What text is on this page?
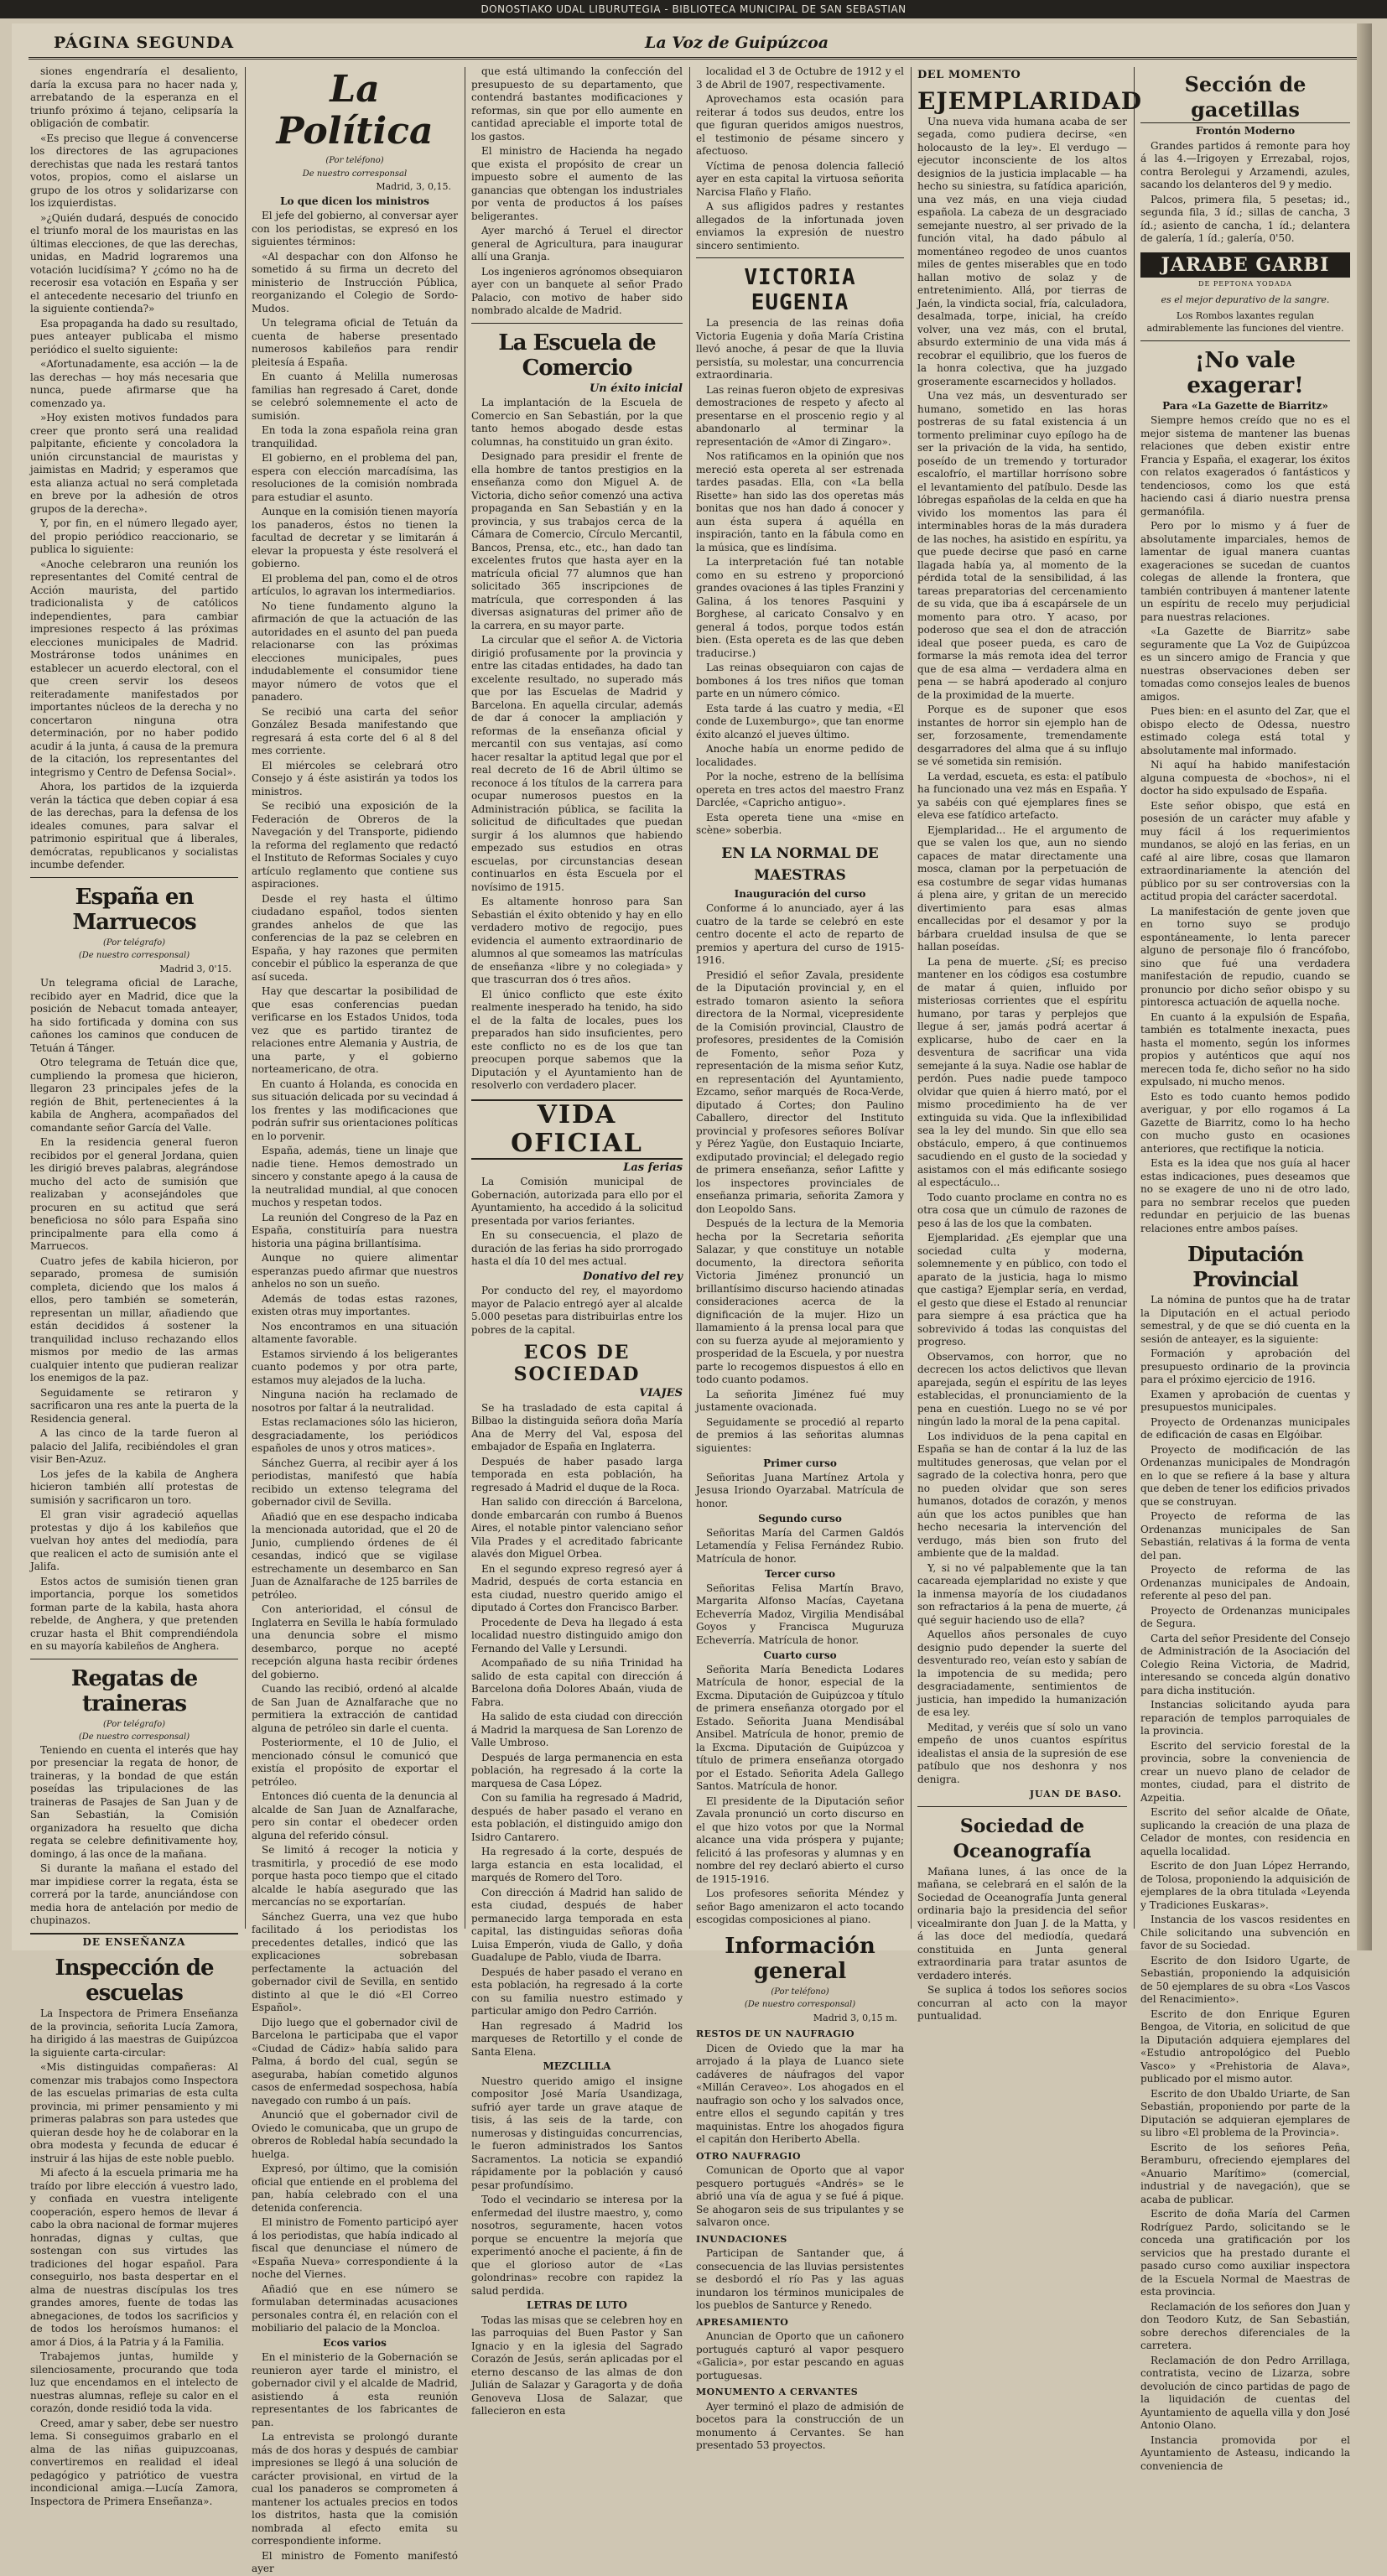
DONOSTIAKO UDAL LIBURUTEGIA - BIBLIOTECA MUNICIPAL DE SAN SEBASTIAN
PÁGINA SEGUNDA	La Voz de Guipúzcoa

siones engendraría el desaliento, daría la excusa para no hacer nada y, arrebatando de la esperanza en el triunfo próximo á tejano, celipsaría la obligación de combatir.

«Es preciso que llegue á convencerse los directores de las agrupaciones derechistas que nada les restará tantos votos, propios, como el aislarse un grupo de los otros y solidarizarse con los izquierdistas.

»¿Quién dudará, después de conocido el triunfo moral de los mauristas en las últimas elecciones, de que las derechas, unidas, en Madrid lograremos una votación lucidísima? Y ¿cómo no ha de recerosir esa votación en España y ser el antecedente necesario del triunfo en la siguiente contienda?»

Esa propaganda ha dado su resultado, pues anteayer publicaba el mismo periódico el suelto siguiente:

«Afortunadamente, esa acción — la de las derechas — hoy más necesaria que nunca, puede afirmarse que ha comenzado ya.

»Hoy existen motivos fundados para creer que pronto será una realidad palpitante, eficiente y concoladora la unión circunstancial de mauristas y jaimistas en Madrid; y esperamos que esta alianza actual no será completada en breve por la adhesión de otros grupos de la derecha».

Y, por fin, en el número llegado ayer, del propio periódico reaccionario, se publica lo siguiente:

«Anoche celebraron una reunión los representantes del Comité central de Acción maurista, del partido tradicionalista y de católicos independientes, para cambiar impresiones respecto á las próximas elecciones municipales de Madrid. Mostráronse todos unánimes en establecer un acuerdo electoral, con el que creen servir los deseos reiteradamente manifestados por importantes núcleos de la derecha y no concertaron ninguna otra determinación, por no haber podido acudir á la junta, á causa de la premura de la citación, los representantes del integrismo y Centro de Defensa Social».

Ahora, los partidos de la izquierda verán la táctica que deben copiar á esa de las derechas, para la defensa de los ideales comunes, para salvar el patrimonio espiritual que á liberales, demócratas, republicanos y socialistas incumbe defender.

España en Marruecos
(Por telégrafo)
(De nuestro corresponsal)
Madrid 3, 0'15.

Un telegrama oficial de Larache, recibido ayer en Madrid, dice que la posición de Nebacut tomada anteayer, ha sido fortificada y domina con sus cañones los caminos que conducen de Tetuán á Tánger.

Otro telegrama de Tetuán dice que, cumpliendo la promesa que hicieron, llegaron 23 principales jefes de la región de Bhit, pertenecientes á la kabila de Anghera, acompañados del comandante señor García del Valle.

En la residencia general fueron recibidos por el general Jordana, quien les dirigió breves palabras, alegrándose mucho del acto de sumisión que realizaban y aconsejándoles que procuren en su actitud que será beneficiosa no sólo para España sino principalmente para ella como á Marruecos.

Cuatro jefes de kabila hicieron, por separado, promesa de sumisión completa, diciendo que los malos á ellos, pero también se someterán, representan un millar, añadiendo que están decididos á sostener la tranquilidad incluso rechazando ellos mismos por medio de las armas cualquier intento que pudieran realizar los enemigos de la paz.

Seguidamente se retiraron y sacrificaron una res ante la puerta de la Residencia general.

A las cinco de la tarde fueron al palacio del Jalifa, recibiéndoles el gran visir Ben-Azuz.

Los jefes de la kabila de Anghera hicieron también allí protestas de sumisión y sacrificaron un toro.

El gran visir agradeció aquellas protestas y dijo á los kabileños que vuelvan hoy antes del mediodía, para que realicen el acto de sumisión ante el Jalifa.

Estos actos de sumisión tienen gran importancia, porque los sometidos forman parte de la kabila, hasta ahora rebelde, de Anghera, y que pretenden cruzar hasta el Bhit comprendiéndola en su mayoría kabileños de Anghera.

Regatas de traineras
(Por telégrafo)
(De nuestro corresponsal)

Teniendo en cuenta el interés que hay por presenciar la regata de honor, de traineras, y la bondad de que están poseídas las tripulaciones de las traineras de Pasajes de San Juan y de San Sebastián, la Comisión organizadora ha resuelto que dicha regata se celebre definitivamente hoy, domingo, á las once de la mañana.

Si durante la mañana el estado del mar impidiese correr la regata, ésta se correrá por la tarde, anunciándose con media hora de antelación por medio de chupinazos.

DE ENSEÑANZA
Inspección de escuelas

La Inspectora de Primera Enseñanza de la provincia, señorita Lucía Zamora, ha dirigido á las maestras de Guipúzcoa la siguiente carta-circular:

«Mis distinguidas compañeras: Al comenzar mis trabajos como Inspectora de las escuelas primarias de esta culta provincia, mi primer pensamiento y mi primeras palabras son para ustedes que quieran desde hoy he de colaborar en la obra modesta y fecunda de educar é instruir á las hijas de este noble pueblo.

Mi afecto á la escuela primaria me ha traído por libre elección á vuestro lado, y confiada en vuestra inteligente cooperación, espero hemos de llevar á cabo la obra nacional de formar mujeres honradas, dignas y cultas, que sostengan con sus virtudes las tradiciones del hogar español. Para conseguirlo, nos basta despertar en el alma de nuestras discípulas los tres grandes amores, fuente de todas las abnegaciones, de todos los sacrificios y de todos los heroísmos humanos: el amor á Dios, á la Patria y á la Familia.

Trabajemos juntas, humilde y silenciosamente, procurando que toda luz que encendamos en el intelecto de nuestras alumnas, refleje su calor en el corazón, donde residió toda la vida.

Creed, amar y saber, debe ser nuestro lema. Si conseguimos grabarlo en el alma de las niñas guipuzcoanas, convertiremos en realidad el ideal pedagógico y patriótico de vuestra incondicional amiga.—Lucía Zamora, Inspectora de Primera Enseñanza».

La Política
(Por teléfono)
De nuestro corresponsal
Madrid, 3, 0,15.
Lo que dicen los ministros

El jefe del gobierno, al conversar ayer con los periodistas, se expresó en los siguientes términos:

«Al despachar con don Alfonso he sometido á su firma un decreto del ministerio de Instrucción Pública, reorganizando el Colegio de Sordo-Mudos.

Un telegrama oficial de Tetuán da cuenta de haberse presentado numerosos kabileños para rendir pleitesía á España.

En cuanto á Melilla numerosas familias han regresado á Caret, donde se celebró solemnemente el acto de sumisión.

En toda la zona española reina gran tranquilidad.

El gobierno, en el problema del pan, espera con elección marcadísima, las resoluciones de la comisión nombrada para estudiar el asunto.

Aunque en la comisión tienen mayoría los panaderos, éstos no tienen la facultad de decretar y se limitarán á elevar la propuesta y éste resolverá el gobierno.

El problema del pan, como el de otros artículos, lo agravan los intermediarios.

No tiene fundamento alguno la afirmación de que la actuación de las autoridades en el asunto del pan pueda relacionarse con las próximas elecciones municipales, pues indudablemente el consumidor tiene mayor número de votos que el panadero.

Se recibió una carta del señor González Besada manifestando que regresará á esta corte del 6 al 8 del mes corriente.

El miércoles se celebrará otro Consejo y á éste asistirán ya todos los ministros.

Se recibió una exposición de la Federación de Obreros de la Navegación y del Transporte, pidiendo la reforma del reglamento que redactó el Instituto de Reformas Sociales y cuyo artículo reglamento que contiene sus aspiraciones.

Desde el rey hasta el último ciudadano español, todos sienten grandes anhelos de que las conferencias de la paz se celebren en España, y hay razones que permiten concebir el público la esperanza de que así suceda.

Hay que descartar la posibilidad de que esas conferencias puedan verificarse en los Estados Unidos, toda vez que es partido tirantez de relaciones entre Alemania y Austria, de una parte, y el gobierno norteamericano, de otra.

En cuanto á Holanda, es conocida en sus situación delicada por su vecindad á los frentes y las modificaciones que podrán sufrir sus orientaciones políticas en lo porvenir.

España, además, tiene un linaje que nadie tiene. Hemos demostrado un sincero y constante apego á la causa de la neutralidad mundial, al que conocen muchos y respetan todos.

La reunión del Congreso de la Paz en España, constituiría para nuestra historia una página brillantísima.

Aunque no quiere alimentar esperanzas puedo afirmar que nuestros anhelos no son un sueño.

Además de todas estas razones, existen otras muy importantes.

Nos encontramos en una situación altamente favorable.

Estamos sirviendo á los beligerantes cuanto podemos y por otra parte, estamos muy alejados de la lucha.

Ninguna nación ha reclamado de nosotros por faltar á la neutralidad.

Estas reclamaciones sólo las hicieron, desgraciadamente, los periódicos españoles de unos y otros matices».

Sánchez Guerra, al recibir ayer á los periodistas, manifestó que había recibido un extenso telegrama del gobernador civil de Sevilla.

Añadió que en ese despacho indicaba la mencionada autoridad, que el 20 de Junio, cumpliendo órdenes de él cesandas, indicó que se vigilase estrechamente un desembarco en San Juan de Aznalfarache de 125 barriles de petróleo.

Con anterioridad, el cónsul de Inglaterra en Sevilla le había formulado una denuncia sobre el mismo desembarco, porque no acepté recepción alguna hasta recibir órdenes del gobierno.

Cuando las recibió, ordenó al alcalde de San Juan de Aznalfarache que no permitiera la extracción de cantidad alguna de petróleo sin darle el cuenta.

Posteriormente, el 10 de Julio, el mencionado cónsul le comunicó que existía el propósito de exportar el petróleo.

Entonces dió cuenta de la denuncia al alcalde de San Juan de Aznalfarache, pero sin contar el obedecer orden alguna del referido cónsul.

Se limitó á recoger la noticia y trasmitirla, y procedió de ese modo porque hasta poco tiempo que el citado alcalde le había asegurado que las mercancías no se exportarían.

Sánchez Guerra, una vez que hubo facilitado á los periodistas los precedentes detalles, indicó que las explicaciones sobrebasan perfectamente la actuación del gobernador civil de Sevilla, en sentido distinto al que le dió «El Correo Español».

Dijo luego que el gobernador civil de Barcelona le participaba que el vapor «Ciudad de Cádiz» había salido para Palma, á bordo del cual, según se aseguraba, habían cometido algunos casos de enfermedad sospechosa, había navegado con rumbo á un país.

Anunció que el gobernador civil de Oviedo le comunicaba, que un grupo de obreros de Robledal había secundado la huelga.

Expresó, por último, que la comisión oficial que entiende en el problema del pan, había celebrado con el una detenida conferencia.

El ministro de Fomento participó ayer á los periodistas, que había indicado al fiscal que denunciase el número de «España Nueva» correspondiente á la noche del Viernes.

Añadió que en ese número se formulaban determinadas acusaciones personales contra él, en relación con el mobiliario del palacio de la Moncloa.

Ecos varios

En el ministerio de la Gobernación se reunieron ayer tarde el ministro, el gobernador civil y el alcalde de Madrid, asistiendo á esta reunión representantes de los fabricantes de pan.

La entrevista se prolongó durante más de dos horas y después de cambiar impresiones se llegó á una solución de carácter provisional, en virtud de la cual los panaderos se comprometen á mantener los actuales precios en todos los distritos, hasta que la comisión nombrada al efecto emita su correspondiente informe.

El ministro de Fomento manifestó ayer

que está ultimando la confección del presupuesto de su departamento, que contendrá bastantes modificaciones y reformas, sin que por ello aumente en cantidad apreciable el importe total de los gastos.

El ministro de Hacienda ha negado que exista el propósito de crear un impuesto sobre el aumento de las ganancias que obtengan los industriales por venta de productos á los países beligerantes.

Ayer marchó á Teruel el director general de Agricultura, para inaugurar allí una Granja.

Los ingenieros agrónomos obsequiaron ayer con un banquete al señor Prado Palacio, con motivo de haber sido nombrado alcalde de Madrid.

La Escuela de Comercio
Un éxito inicial

La implantación de la Escuela de Comercio en San Sebastián, por la que tanto hemos abogado desde estas columnas, ha constituido un gran éxito.

Designado para presidir el frente de ella hombre de tantos prestigios en la enseñanza como don Miguel A. de Victoria, dicho señor comenzó una activa propaganda en San Sebastián y en la provincia, y sus trabajos cerca de la Cámara de Comercio, Círculo Mercantil, Bancos, Prensa, etc., etc., han dado tan excelentes frutos que hasta ayer en la matrícula oficial 77 alumnos que han solicitado 365 inscripciones de matrícula, que corresponden á las diversas asignaturas del primer año de la carrera, en su mayor parte.

La circular que el señor A. de Victoria dirigió profusamente por la provincia y entre las citadas entidades, ha dado tan excelente resultado, no superado más que por las Escuelas de Madrid y Barcelona. En aquella circular, además de dar á conocer la ampliación y reformas de la enseñanza oficial y mercantil con sus ventajas, así como hacer resaltar la aptitud legal que por el real decreto de 16 de Abril último se reconoce á los títulos de la carrera para ocupar numerosos puestos en la Administración pública, se facilita la solicitud de dificultades que puedan surgir á los alumnos que habiendo empezado sus estudios en otras escuelas, por circunstancias desean continuarlos en ésta Escuela por el novísimo de 1915.

Es altamente honroso para San Sebastián el éxito obtenido y hay en ello verdadero motivo de regocijo, pues evidencia el aumento extraordinario de alumnos al que someamos las matrículas de enseñanza «libre y no colegiada» y que trascurran dos ó tres años.

El único conflicto que este éxito realmente inesperado ha tenido, ha sido el de la falta de locales, pues los preparados han sido insuficientes, pero este conflicto no es de los que tan preocupen porque sabemos que la Diputación y el Ayuntamiento han de resolverlo con verdadero placer.

VIDA OFICIAL
Las ferias

La Comisión municipal de Gobernación, autorizada para ello por el Ayuntamiento, ha accedido á la solicitud presentada por varios feriantes.

En su consecuencia, el plazo de duración de las ferias ha sido prorrogado hasta el día 10 del mes actual.

Donativo del rey

Por conducto del rey, el mayordomo mayor de Palacio entregó ayer al alcalde 5.000 pesetas para distribuirlas entre los pobres de la capital.

ECOS DE SOCIEDAD
VIAJES

Se ha trasladado de esta capital á Bilbao la distinguida señora doña María Ana de Merry del Val, esposa del embajador de España en Inglaterra.

Después de haber pasado larga temporada en esta población, ha regresado á Madrid el duque de la Roca.

Han salido con dirección á Barcelona, donde embarcarán con rumbo á Buenos Aires, el notable pintor valenciano señor Vila Prades y el acreditado fabricante alavés don Miguel Orbea.

En el segundo expreso regresó ayer á Madrid, después de corta estancia en esta ciudad, nuestro querido amigo el diputado á Cortes don Francisco Barber.

Procedente de Deva ha llegado á esta localidad nuestro distinguido amigo don Fernando del Valle y Lersundi.

Acompañado de su niña Trinidad ha salido de esta capital con dirección á Barcelona doña Dolores Abaán, viuda de Fabra.

Ha salido de esta ciudad con dirección á Madrid la marquesa de San Lorenzo de Valle Umbroso.

Después de larga permanencia en esta población, ha regresado á la corte la marquesa de Casa López.

Con su familia ha regresado á Madrid, después de haber pasado el verano en esta población, el distinguido amigo don Isidro Cantarero.

Ha regresado á la corte, después de larga estancia en esta localidad, el marqués de Romero del Toro.

Con dirección á Madrid han salido de esta ciudad, después de haber permanecido larga temporada en esta capital, las distinguidas señoras doña Luisa Emperón, viuda de Gallo, y doña Guadalupe de Pablo, viuda de Ibarra.

Después de haber pasado el verano en esta población, ha regresado á la corte con su familia nuestro estimado y particular amigo don Pedro Carrión.

Han regresado á Madrid los marqueses de Retortillo y el conde de Santa Elena.

MEZCLILLA

Nuestro querido amigo el insigne compositor José María Usandizaga, sufrió ayer tarde un grave ataque de tisis, á las seis de la tarde, con numerosas y distinguidas concurrencias, le fueron administrados los Santos Sacramentos. La noticia se expandió rápidamente por la población y causó pesar profundísimo.

Todo el vecindario se interesa por la enfermedad del ilustre maestro, y, como nosotros, seguramente, hacen votos porque se encuentre la mejoría que experimentó anoche el paciente, á fin de que el glorioso autor de «Las golondrinas» recobre con rapidez la salud perdida.

LETRAS DE LUTO

Todas las misas que se celebren hoy en las parroquias del Buen Pastor y San Ignacio y en la iglesia del Sagrado Corazón de Jesús, serán aplicadas por el eterno descanso de las almas de don Julián de Salazar y Garagorta y de doña Genoveva Llosa de Salazar, que fallecieron en esta

localidad el 3 de Octubre de 1912 y el 3 de Abril de 1907, respectivamente.

Aprovechamos esta ocasión para reiterar á todos sus deudos, entre los que figuran queridos amigos nuestros, el testimonio de pésame sincero y afectuoso.

Víctima de penosa dolencia falleció ayer en esta capital la virtuosa señorita Narcisa Flaño y Flaño.

A sus afligidos padres y restantes allegados de la infortunada joven enviamos la expresión de nuestro sincero sentimiento.

VICTORIA EUGENIA

La presencia de las reinas doña Victoria Eugenia y doña María Cristina llevó anoche, á pesar de que la lluvia persistía, su molestar, una concurrencia extraordinaria.

Las reinas fueron objeto de expresivas demostraciones de respeto y afecto al presentarse en el proscenio regio y al abandonarlo al terminar la representación de «Amor di Zingaro».

Nos ratificamos en la opinión que nos mereció esta opereta al ser estrenada tardes pasadas. Ella, con «La bella Risette» han sido las dos operetas más bonitas que nos han dado á conocer y aun ésta supera á aquélla en inspiración, tanto en la fábula como en la música, que es lindísima.

La interpretación fué tan notable como en su estreno y proporcionó grandes ovaciones á las tiples Franzini y Galina, á los tenores Pasquini y Borghese, al caricato Consalvo y en general á todos, porque todos están bien. (Esta opereta es de las que deben traducirse.)

Las reinas obsequiaron con cajas de bombones á los tres niños que toman parte en un número cómico.

Esta tarde á las cuatro y media, «El conde de Luxemburgo», que tan enorme éxito alcanzó el jueves último.

Anoche había un enorme pedido de localidades.

Por la noche, estreno de la bellísima opereta en tres actos del maestro Franz Darclée, «Capricho antiguo».

Esta opereta tiene una «mise en scène» soberbia.

EN LA NORMAL DE MAESTRAS
Inauguración del curso

Conforme á lo anunciado, ayer á las cuatro de la tarde se celebró en este centro docente el acto de reparto de premios y apertura del curso de 1915-1916.

Presidió el señor Zavala, presidente de la Diputación provincial y, en el estrado tomaron asiento la señora directora de la Normal, vicepresidente de la Comisión provincial, Claustro de profesores, presidentes de la Comisión de Fomento, señor Poza y representación de la misma señor Kutz, en representación del Ayuntamiento, Ezcamo, señor marqués de Roca-Verde, diputado á Cortes; don Paulino Caballero, director del Instituto provincial y profesores señores Bolívar y Pérez Yagüe, don Eustaquio Inciarte, exdiputado provincial; el delegado regio de primera enseñanza, señor Lafitte y los inspectores provinciales de enseñanza primaria, señorita Zamora y don Leopoldo Sans.

Después de la lectura de la Memoria hecha por la Secretaria señorita Salazar, y que constituye un notable documento, la directora señorita Victoria Jiménez pronunció un brillantísimo discurso haciendo atinadas consideraciones acerca de la dignificación de la mujer. Hizo un llamamiento á la prensa local para que con su fuerza ayude al mejoramiento y prosperidad de la Escuela, y por nuestra parte lo recogemos dispuestos á ello en todo cuanto podamos.

La señorita Jiménez fué muy justamente ovacionada.

Seguidamente se procedió al reparto de premios á las señoritas alumnas siguientes:

Primer curso

Señoritas Juana Martínez Artola y Jesusa Iriondo Oyarzabal. Matrícula de honor.

Segundo curso

Señoritas María del Carmen Galdós Letamendía y Felisa Fernández Rubio. Matrícula de honor.

Tercer curso

Señoritas Felisa Martín Bravo, Margarita Alfonso Macías, Cayetana Echeverría Madoz, Virgilia Mendisábal Goyos y Francisca Muguruza Echeverría. Matrícula de honor.

Cuarto curso

Señorita María Benedicta Lodares Matrícula de honor, especial de la Excma. Diputación de Guipúzcoa y título de primera enseñanza otorgado por el Estado. Señorita Juana Mendisábal Ansibel. Matrícula de honor, premio de la Excma. Diputación de Guipúzcoa y título de primera enseñanza otorgado por el Estado. Señorita Adela Gallego Santos. Matrícula de honor.

El presidente de la Diputación señor Zavala pronunció un corto discurso en el que hizo votos por que la Normal alcance una vida próspera y pujante; felicitó á las profesoras y alumnas y en nombre del rey declaró abierto el curso de 1915-1916.

Los profesores señorita Méndez y señor Bago amenizaron el acto tocando escogidas composiciones al piano.

Información general
(Por teléfono)
(De nuestro corresponsal)
Madrid 3, 0,15 m.
RESTOS DE UN NAUFRAGIO

Dicen de Oviedo que la mar ha arrojado á la playa de Luanco siete cadáveres de náufragos del vapor «Millán Ceraveo». Los ahogados en el naufragio son ocho y los salvados once, entre ellos el segundo capitán y tres maquinistas. Entre los ahogados figura el capitán don Heriberto Abella.

OTRO NAUFRAGIO

Comunican de Oporto que al vapor pesquero portugués «Andrés» se le abrió una vía de agua y se fué á pique. Se ahogaron seis de sus tripulantes y se salvaron once.

INUNDACIONES

Participan de Santander que, á consecuencia de las lluvias persistentes se desbordó el río Pas y las aguas inundaron los términos municipales de los pueblos de Santurce y Renedo.

APRESAMIENTO

Anuncian de Oporto que un cañonero portugués capturó al vapor pesquero «Galicia», por estar pescando en aguas portuguesas.

MONUMENTO A CERVANTES

Ayer terminó el plazo de admisión de bocetos para la construcción de un monumento á Cervantes. Se han presentado 53 proyectos.

DEL MOMENTO
EJEMPLARIDAD

Una nueva vida humana acaba de ser segada, como pudiera decirse, «en holocausto de la ley». El verdugo — ejecutor inconsciente de los altos designios de la justicia implacable — ha hecho su siniestra, su fatídica aparición, una vez más, en una vieja ciudad española. La cabeza de un desgraciado semejante nuestro, al ser privado de la función vital, ha dado pábulo al momentáneo regodeo de unos cuantos miles de gentes miserables que en todo hallan motivo de solaz y de entretenimiento. Allá, por tierras de Jaén, la vindicta social, fría, calculadora, desalmada, torpe, inicial, ha creído volver, una vez más, con el brutal, absurdo exterminio de una vida más á recobrar el equilibrio, que los fueros de la honra colectiva, que ha juzgado groseramente escarnecidos y hollados.

Una vez más, un desventurado ser humano, sometido en las horas postreras de su fatal existencia á un tormento preliminar cuyo epílogo ha de ser la privación de la vida, ha sentido, poseído de un tremendo y torturador escalofrío, el martillar horrísono sobre el levantamiento del patíbulo. Desde las lóbregas españolas de la celda en que ha vivido los momentos las para él interminables horas de la más duradera de las noches, ha asistido en espíritu, ya que puede decirse que pasó en carne llagada había ya, al momento de la pérdida total de la sensibilidad, á las tareas preparatorias del cercenamiento de su vida, que iba á escapársele de un momento para otro. Y acaso, por poderoso que sea el don de atracción ideal que poseer pueda, es caro de formarse la más remota idea del terror que de esa alma — verdadera alma en pena — se habrá apoderado al conjuro de la proximidad de la muerte.

Porque es de suponer que esos instantes de horror sin ejemplo han de ser, forzosamente, tremendamente desgarradores del alma que á su influjo se vé sometida sin remisión.

La verdad, escueta, es esta: el patíbulo ha funcionado una vez más en España. Y ya sabéis con qué ejemplares fines se eleva ese fatídico artefacto.

Ejemplaridad... He el argumento de que se valen los que, aun no siendo capaces de matar directamente una mosca, claman por la perpetuación de esa costumbre de segar vidas humanas á plena aire, y gritan de un merecido divertimiento para esas almas encallecidas por el desamor y por la bárbara crueldad insulsa de que se hallan poseídas.

La pena de muerte. ¿Sí; es preciso mantener en los códigos esa costumbre de matar á quien, influido por misteriosas corrientes que el espíritu humano, por taras y perplejos que llegue á ser, jamás podrá acertar á explicarse, hubo de caer en la desventura de sacrificar una vida semejante á la suya. Nadie ose hablar de perdón. Pues nadie puede tampoco olvidar que quien á hierro mató, por el mismo procedimiento ha de ver extinguida su vida. Que la inflexibilidad sea la ley del mundo. Sin que ello sea obstáculo, empero, á que continuemos sacudiendo en el gusto de la sociedad y asistamos con el más edificante sosiego al espectáculo...

Todo cuanto proclame en contra no es otra cosa que un cúmulo de razones de peso á las de los que la combaten.

Ejemplaridad. ¿Es ejemplar que una sociedad culta y moderna, solemnemente y en público, con todo el aparato de la justicia, haga lo mismo que castiga? Ejemplar sería, en verdad, el gesto que diese el Estado al renunciar para siempre á esa práctica que ha sobrevivido á todas las conquistas del progreso.

Observamos, con horror, que no decrecen los actos delictivos que llevan aparejada, según el espíritu de las leyes establecidas, el pronunciamiento de la pena en cuestión. Luego no se vé por ningún lado la moral de la pena capital.

Los individuos de la pena capital en España se han de contar á la luz de las multitudes generosas, que velan por el sagrado de la colectiva honra, pero que no pueden olvidar que son seres humanos, dotados de corazón, y menos aún que los actos punibles que han hecho necesaria la intervención del verdugo, más bien son fruto del ambiente que de la maldad.

Y, si no vé palpablemente que la tan cacareada ejemplaridad no existe y que la inmensa mayoría de los ciudadanos son refractarios á la pena de muerte, ¿á qué seguir haciendo uso de ella?

Aquellos años personales de cuyo designio pudo depender la suerte del desventurado reo, veían esto y sabían de la impotencia de su medida; pero desgraciadamente, sentimientos de justicia, han impedido la humanización de esa ley.

Meditad, y veréis que sí solo un vano empeño de unos cuantos espíritus idealistas el ansia de la supresión de ese patíbulo que nos deshonra y nos denigra.

JUAN DE BASO.
Sociedad de Oceanografía

Mañana lunes, á las once de la mañana, se celebrará en el salón de la Sociedad de Oceanografía Junta general ordinaria bajo la presidencia del señor vicealmirante don Juan J. de la Matta, y á las doce del mediodía, quedará constituida en Junta general extraordinaria para tratar asuntos de verdadero interés.

Se suplica á todos los señores socios concurran al acto con la mayor puntualidad.

Sección de gacetillas
Frontón Moderno

Grandes partidos á remonte para hoy á las 4.—Irigoyen y Errezabal, rojos, contra Berolegui y Arzamendi, azules, sacando los delanteros del 9 y medio.

Palcos, primera fila, 5 pesetas; id., segunda fila, 3 íd.; sillas de cancha, 3 íd.; asiento de cancha, 1 íd.; delantera de galería, 1 íd.; galería, 0'50.

JARABE GARBI
DE PEPTONA YODADA
es el mejor depurativo de la sangre.
Los Rombos laxantes regulan admirablemente las funciones del vientre.
¡No vale exagerar!
Para «La Gazette de Biarritz»

Siempre hemos creído que no es el mejor sistema de mantener las buenas relaciones que deben existir entre Francia y España, el exagerar, los éxitos con relatos exagerados ó fantásticos y tendenciosos, como los que está haciendo casi á diario nuestra prensa germanófila.

Pero por lo mismo y á fuer de absolutamente imparciales, hemos de lamentar de igual manera cuantas exageraciones se sucedan de cuantos colegas de allende la frontera, que también contribuyen á mantener latente un espíritu de recelo muy perjudicial para nuestras relaciones.

«La Gazette de Biarritz» sabe seguramente que La Voz de Guipúzcoa es un sincero amigo de Francia y que nuestras observaciones deben ser tomadas como consejos leales de buenos amigos.

Pues bien: en el asunto del Zar, que el obispo electo de Odessa, nuestro estimado colega está total y absolutamente mal informado.

Ni aquí ha habido manifestación alguna compuesta de «bochos», ni el doctor ha sido expulsado de España.

Este señor obispo, que está en posesión de un carácter muy afable y muy fácil á los requerimientos mundanos, se alojó en las ferias, en un café al aire libre, cosas que llamaron extraordinariamente la atención del público por su ser controversias con la actitud propia del carácter sacerdotal.

La manifestación de gente joven que en torno suyo se produjo espontáneamente, lo lenta parecer alguno de personaje filo ó francófobo, sino que fué una verdadera manifestación de repudio, cuando se pronuncio por dicho señor obispo y su pintoresca actuación de aquella noche.

En cuanto á la expulsión de España, también es totalmente inexacta, pues hasta el momento, según los informes propios y auténticos que aquí nos merecen toda fe, dicho señor no ha sido expulsado, ni mucho menos.

Esto es todo cuanto hemos podido averiguar, y por ello rogamos á La Gazette de Biarritz, como lo ha hecho con mucho gusto en ocasiones anteriores, que rectifique la noticia.

Esta es la idea que nos guía al hacer estas indicaciones, pues deseamos que no se exagere de uno ni de otro lado, para no sembrar recelos que pueden redundar en perjuicio de las buenas relaciones entre ambos países.

Diputación Provincial

La nómina de puntos que ha de tratar la Diputación en el actual periodo semestral, y de que se dió cuenta en la sesión de anteayer, es la siguiente:

Formación y aprobación del presupuesto ordinario de la provincia para el próximo ejercicio de 1916.

Examen y aprobación de cuentas y presupuestos municipales.

Proyecto de Ordenanzas municipales de edificación de casas en Elgóibar.

Proyecto de modificación de las Ordenanzas municipales de Mondragón en lo que se refiere á la base y altura que deben de tener los edificios privados que se construyan.

Proyecto de reforma de las Ordenanzas municipales de San Sebastián, relativas á la forma de venta del pan.

Proyecto de reforma de las Ordenanzas municipales de Andoain, referente al peso del pan.

Proyecto de Ordenanzas municipales de Segura.

Carta del señor Presidente del Consejo de Administración de la Asociación del Colegio Reina Victoria, de Madrid, interesando se conceda algún donativo para dicha institución.

Instancias solicitando ayuda para reparación de templos parroquiales de la provincia.

Escrito del servicio forestal de la provincia, sobre la conveniencia de crear un nuevo plano de celador de montes, ciudad, para el distrito de Azpeitia.

Escrito del señor alcalde de Oñate, suplicando la creación de una plaza de Celador de montes, con residencia en aquella localidad.

Escrito de don Juan López Herrando, de Tolosa, proponiendo la adquisición de ejemplares de la obra titulada «Leyenda y Tradiciones Euskaras».

Instancia de los vascos residentes en Chile solicitando una subvención en favor de su Sociedad.

Escrito de don Isidoro Ugarte, de Sebastián, proponiendo la adquisición de 50 ejemplares de su obra «Los Vascos del Renacimiento».

Escrito de don Enrique Eguren Bengoa, de Vitoria, en solicitud de que la Diputación adquiera ejemplares del «Estudio antropológico del Pueblo Vasco» y «Prehistoria de Alava», publicado por el mismo autor.

Escrito de don Ubaldo Uriarte, de San Sebastián, proponiendo por parte de la Diputación se adquieran ejemplares de su libro «El problema de la Provincia».

Escrito de los señores Peña, Beramburu, ofreciendo ejemplares del «Anuario Marítimo» (comercial, industrial y de navegación), que se acaba de publicar.

Escrito de doña María del Carmen Rodríguez Pardo, solicitando se le conceda una gratificación por los servicios que ha prestado durante el pasado curso como auxiliar inspectora de la Escuela Normal de Maestras de esta provincia.

Reclamación de los señores don Juan y don Teodoro Kutz, de San Sebastián, sobre derechos diferenciales de la carretera.

Reclamación de don Pedro Arrillaga, contratista, vecino de Lizarza, sobre devolución de cinco partidas de pago de la liquidación de cuentas del Ayuntamiento de aquella villa y don José Antonio Olano.

Instancia promovida por el Ayuntamiento de Asteasu, indicando la conveniencia de
